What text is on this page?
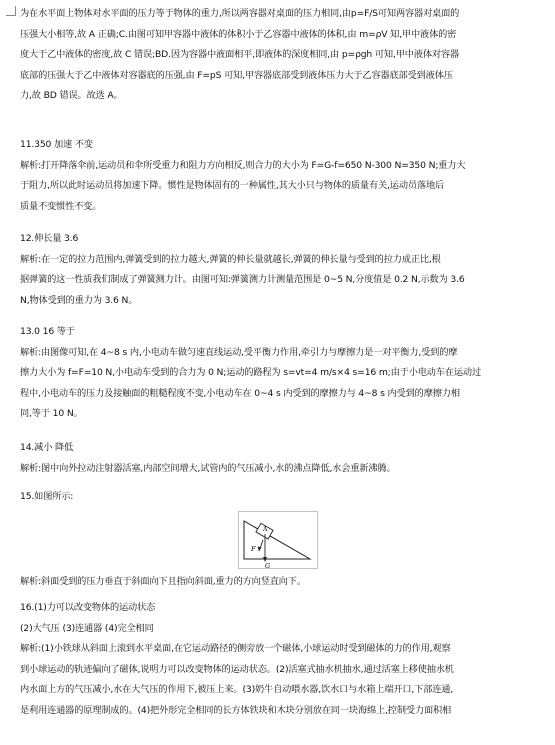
为在水平面上物体对水平面的压力等于物体的重力,所以两容器对桌面的压力相同,由p=F/S可知两容器对桌面的

压强大小相等,故 A 正确;C.由图可知甲容器中液体的体积小于乙容器中液体的体积,由 m=ρV 知,甲中液体的密

度大于乙中液体的密度,故 C 错误;BD.因为容器中液面相平,即液体的深度相同,由 p=ρgh 可知,甲中液体对容器

底部的压强大于乙中液体对容器底的压强,由 F=pS 可知,甲容器底部受到液体压力大于乙容器底部受到液体压

力,故 BD 错误。故选 A。

11.350 加速 不变

解析:打开降落伞前,运动员和伞所受重力和阻力方向相反,则合力的大小为 F=G-f=650 N-300 N=350 N;重力大

于阻力,所以此时运动员将加速下降。惯性是物体固有的一种属性,其大小只与物体的质量有关,运动员落地后

质量不变惯性不变。

12.伸长量 3.6

解析:在一定的拉力范围内,弹簧受到的拉力越大,弹簧的伸长量就越长,弹簧的伸长量与受到的拉力成正比,根

据弹簧的这一性质我们制成了弹簧测力计。由图可知:弹簧测力计测量范围是 0~5 N,分度值是 0.2 N,示数为 3.6

N,物体受到的重力为 3.6 N。

13.0 16 等于

解析:由图像可知,在 4~8 s 内,小电动车做匀速直线运动,受平衡力作用,牵引力与摩擦力是一对平衡力,受到的摩

擦力大小为 f=F=10 N,小电动车受到的合力为 0 N;运动的路程为 s=vt=4 m/s×4 s=16 m;由于小电动车在运动过

程中,小电动车的压力及接触面的粗糙程度不变,小电动车在 0~4 s 内受到的摩擦力与 4~8 s 内受到的摩擦力相

同,等于 10 N。

14.减小 降低

解析:图中向外拉动注射器活塞,内部空间增大,试管内的气压减小,水的沸点降低,水会重新沸腾。

15.如图所示:

A
F
G

解析:斜面受到的压力垂直于斜面向下且指向斜面,重力的方向竖直向下。

16.(1)力可以改变物体的运动状态

(2)大气压 (3)连通器 (4)完全相同

解析:(1)小铁球从斜面上滚到水平桌面,在它运动路径的侧旁放一个磁体,小球运动时受到磁体的力的作用,观察

到小球运动的轨迹偏向了磁体,说明力可以改变物体的运动状态。(2)活塞式抽水机抽水,通过活塞上移使抽水机

内水面上方的气压减小,水在大气压的作用下,被压上来。(3)奶牛自动喂水器,饮水口与水箱上端开口,下部连通,

是利用连通器的原理制成的。(4)把外形完全相同的长方体铁块和木块分别放在同一块海绵上,控制受力面积相
